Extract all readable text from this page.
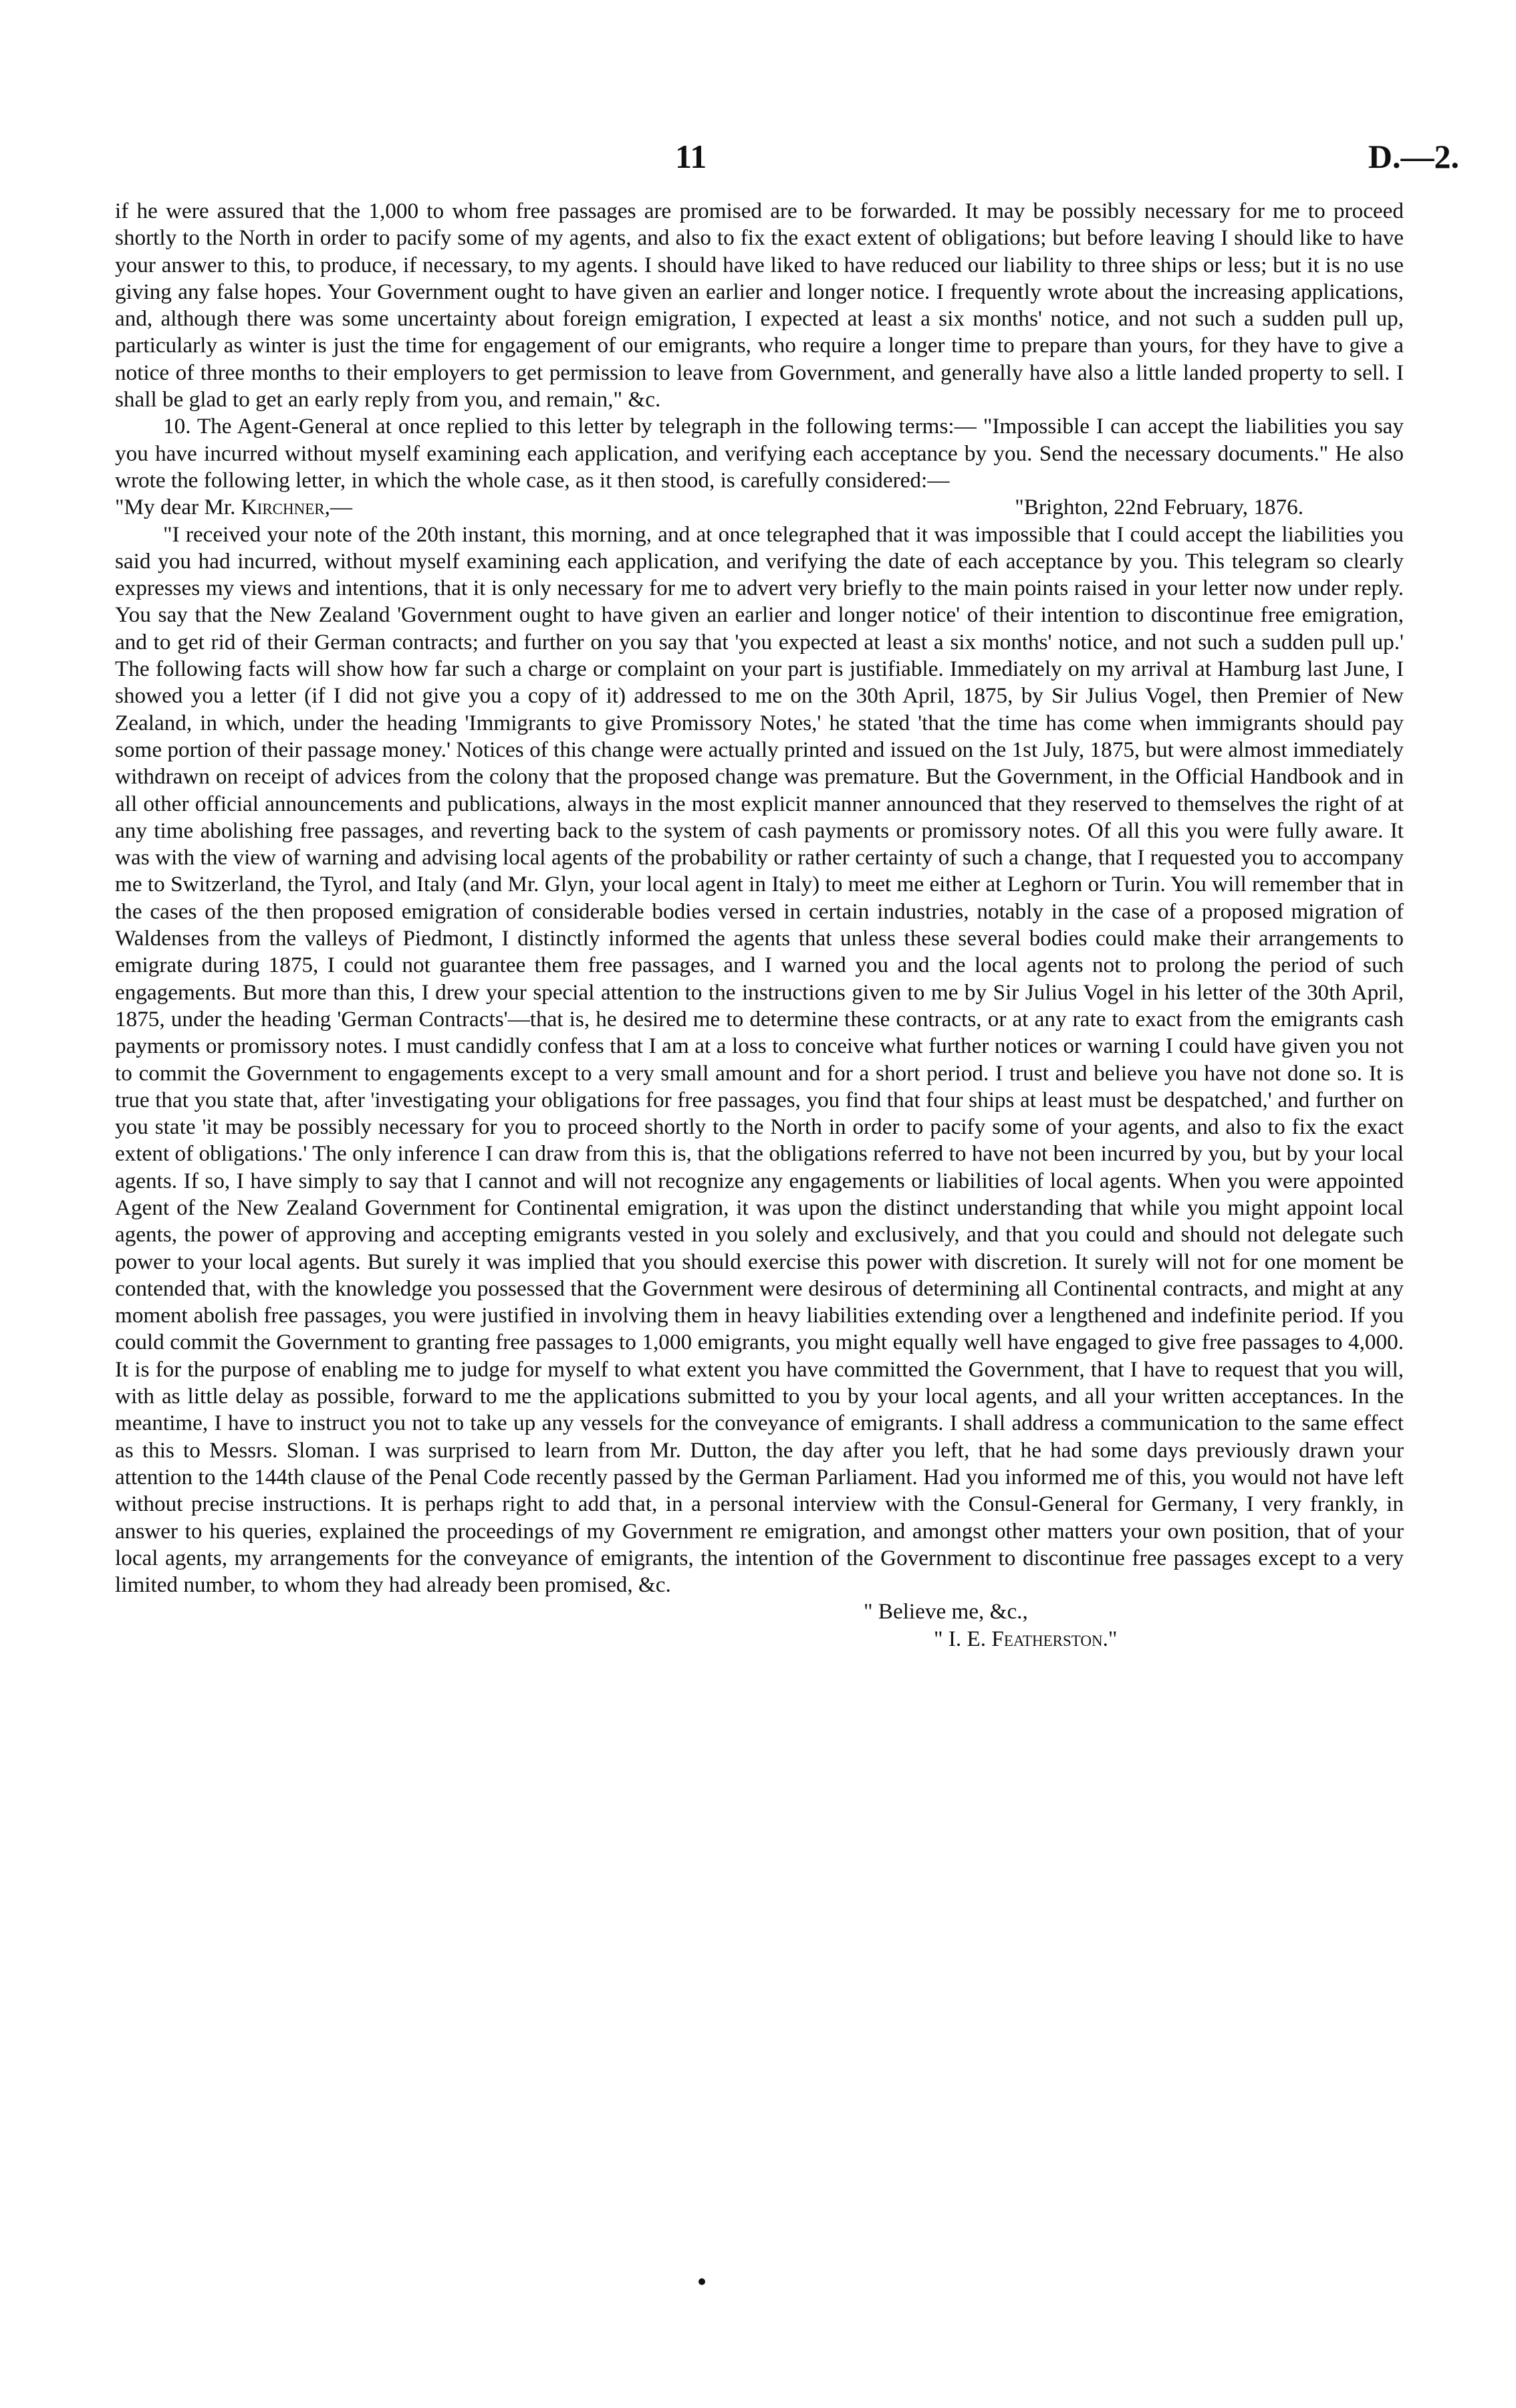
11	D.—2.

if he were assured that the 1,000 to whom free passages are promised are to be forwarded. It may be possibly necessary for me to proceed shortly to the North in order to pacify some of my agents, and also to fix the exact extent of obligations; but before leaving I should like to have your answer to this, to produce, if necessary, to my agents. I should have liked to have reduced our liability to three ships or less; but it is no use giving any false hopes. Your Government ought to have given an earlier and longer notice. I frequently wrote about the increasing applications, and, although there was some uncertainty about foreign emigration, I expected at least a six months' notice, and not such a sudden pull up, particularly as winter is just the time for engagement of our emigrants, who require a longer time to prepare than yours, for they have to give a notice of three months to their employers to get permission to leave from Government, and generally have also a little landed property to sell. I shall be glad to get an early reply from you, and remain," &c.

10. The Agent-General at once replied to this letter by telegraph in the following terms:— "Impossible I can accept the liabilities you say you have incurred without myself examining each application, and verifying each acceptance by you. Send the necessary documents." He also wrote the following letter, in which the whole case, as it then stood, is carefully considered:—

"My dear Mr. Kirchner,—	"Brighton, 22nd February, 1876.

"I received your note of the 20th instant, this morning, and at once telegraphed that it was impossible that I could accept the liabilities you said you had incurred, without myself examining each application, and verifying the date of each acceptance by you. This telegram so clearly expresses my views and intentions, that it is only necessary for me to advert very briefly to the main points raised in your letter now under reply. You say that the New Zealand 'Government ought to have given an earlier and longer notice' of their intention to discontinue free emigration, and to get rid of their German contracts; and further on you say that 'you expected at least a six months' notice, and not such a sudden pull up.' The following facts will show how far such a charge or complaint on your part is justifiable. Immediately on my arrival at Hamburg last June, I showed you a letter (if I did not give you a copy of it) addressed to me on the 30th April, 1875, by Sir Julius Vogel, then Premier of New Zealand, in which, under the heading 'Immigrants to give Promissory Notes,' he stated 'that the time has come when immigrants should pay some portion of their passage money.' Notices of this change were actually printed and issued on the 1st July, 1875, but were almost immediately withdrawn on receipt of advices from the colony that the proposed change was premature. But the Government, in the Official Handbook and in all other official announcements and publications, always in the most explicit manner announced that they reserved to themselves the right of at any time abolishing free passages, and reverting back to the system of cash payments or promissory notes. Of all this you were fully aware. It was with the view of warning and advising local agents of the probability or rather certainty of such a change, that I requested you to accompany me to Switzerland, the Tyrol, and Italy (and Mr. Glyn, your local agent in Italy) to meet me either at Leghorn or Turin. You will remember that in the cases of the then proposed emigration of considerable bodies versed in certain industries, notably in the case of a proposed migration of Waldenses from the valleys of Piedmont, I distinctly informed the agents that unless these several bodies could make their arrangements to emigrate during 1875, I could not guarantee them free passages, and I warned you and the local agents not to prolong the period of such engagements. But more than this, I drew your special attention to the instructions given to me by Sir Julius Vogel in his letter of the 30th April, 1875, under the heading 'German Contracts'—that is, he desired me to determine these contracts, or at any rate to exact from the emigrants cash payments or promissory notes. I must candidly confess that I am at a loss to conceive what further notices or warning I could have given you not to commit the Government to engagements except to a very small amount and for a short period. I trust and believe you have not done so. It is true that you state that, after 'investigating your obligations for free passages, you find that four ships at least must be despatched,' and further on you state 'it may be possibly necessary for you to proceed shortly to the North in order to pacify some of your agents, and also to fix the exact extent of obligations.' The only inference I can draw from this is, that the obligations referred to have not been incurred by you, but by your local agents. If so, I have simply to say that I cannot and will not recognize any engagements or liabilities of local agents. When you were appointed Agent of the New Zealand Government for Continental emigration, it was upon the distinct understanding that while you might appoint local agents, the power of approving and accepting emigrants vested in you solely and exclusively, and that you could and should not delegate such power to your local agents. But surely it was implied that you should exercise this power with discretion. It surely will not for one moment be contended that, with the knowledge you possessed that the Government were desirous of determining all Continental contracts, and might at any moment abolish free passages, you were justified in involving them in heavy liabilities extending over a lengthened and indefinite period. If you could commit the Government to granting free passages to 1,000 emigrants, you might equally well have engaged to give free passages to 4,000. It is for the purpose of enabling me to judge for myself to what extent you have committed the Government, that I have to request that you will, with as little delay as possible, forward to me the applications submitted to you by your local agents, and all your written acceptances. In the meantime, I have to instruct you not to take up any vessels for the conveyance of emigrants. I shall address a communication to the same effect as this to Messrs. Sloman. I was surprised to learn from Mr. Dutton, the day after you left, that he had some days previously drawn your attention to the 144th clause of the Penal Code recently passed by the German Parliament. Had you informed me of this, you would not have left without precise instructions. It is perhaps right to add that, in a personal interview with the Consul-General for Germany, I very frankly, in answer to his queries, explained the proceedings of my Government re emigration, and amongst other matters your own position, that of your local agents, my arrangements for the conveyance of emigrants, the intention of the Government to discontinue free passages except to a very limited number, to whom they had already been promised, &c.

" Believe me, &c.,

" I. E. Featherston."
